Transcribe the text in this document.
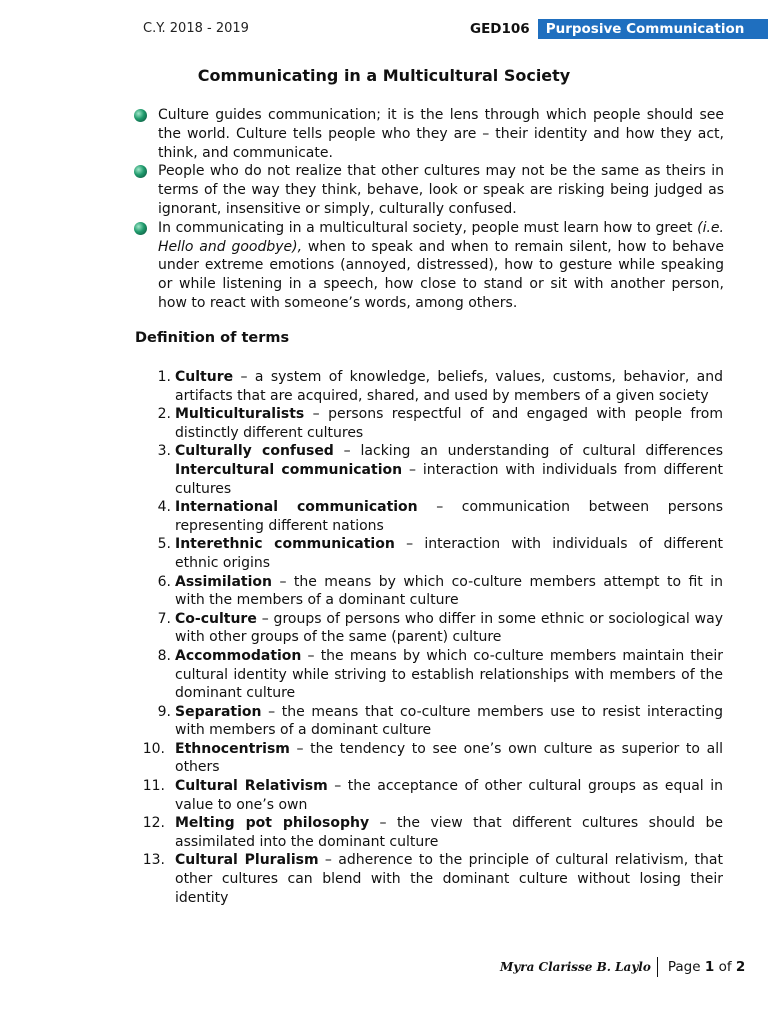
C.Y. 2018 - 2019	GED106	Purposive Communication
Communicating in a Multicultural Society
Culture guides communication; it is the lens through which people should see the world. Culture tells people who they are – their identity and how they act, think, and communicate.
People who do not realize that other cultures may not be the same as theirs in terms of the way they think, behave, look or speak are risking being judged as ignorant, insensitive or simply, culturally confused.
In communicating in a multicultural society, people must learn how to greet (i.e. Hello and goodbye), when to speak and when to remain silent, how to behave under extreme emotions (annoyed, distressed), how to gesture while speaking or while listening in a speech, how close to stand or sit with another person, how to react with someone’s words, among others.
Definition of terms
1. Culture – a system of knowledge, beliefs, values, customs, behavior, and artifacts that are acquired, shared, and used by members of a given society
2. Multiculturalists – persons respectful of and engaged with people from distinctly different cultures
3. Culturally confused – lacking an understanding of cultural differences Intercultural communication – interaction with individuals from different cultures
4. International communication – communication between persons representing different nations
5. Interethnic communication – interaction with individuals of different ethnic origins
6. Assimilation – the means by which co-culture members attempt to fit in with the members of a dominant culture
7. Co-culture – groups of persons who differ in some ethnic or sociological way with other groups of the same (parent) culture
8. Accommodation – the means by which co-culture members maintain their cultural identity while striving to establish relationships with members of the dominant culture
9. Separation – the means that co-culture members use to resist interacting with members of a dominant culture
10. Ethnocentrism – the tendency to see one’s own culture as superior to all others
11. Cultural Relativism – the acceptance of other cultural groups as equal in value to one’s own
12. Melting pot philosophy – the view that different cultures should be assimilated into the dominant culture
13. Cultural Pluralism – adherence to the principle of cultural relativism, that other cultures can blend with the dominant culture without losing their identity
Myra Clarisse B. Laylo	Page 1 of 2
